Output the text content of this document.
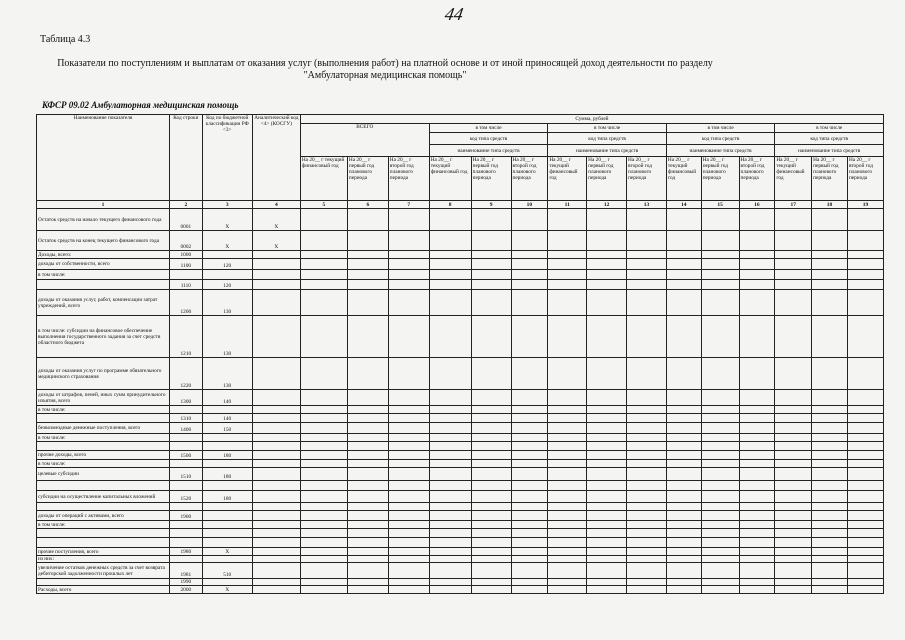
44
Таблица 4.3
Показатели по поступлениям и выплатам от оказания услуг (выполнения работ) на платной основе и от иной приносящей доход деятельности по разделу "Амбулаторная медицинская помощь"
КФСР 09.02 Амбулаторная медицинская помощь
Наименование показателя	Код строки	Код по бюджетной классификации РФ <3>	Аналитический код <4> (КОСГУ)	Сумма, рублей														
				ВСЕГО			в том числе			в том числе			в том числе			в том числе		
							код типа средств			код типа средств			код типа средств			код типа средств		
							наименование типа средств			наименование типа средств			наименование типа средств			наименование типа средств		
				На 20__ г текущий финансовый год	На 20__ г первый год планового периода	На 20__ г второй год планового периода	На 20__ г текущий финансовый год	На 20__ г первый год планового периода	На 20__ г второй год планового периода	На 20__ г текущий финансовый год	На 20__ г первый год планового периода	На 20__ г второй год планового периода	На 20__ г текущий финансовый год	На 20__ г первый год планового периода	На 20__ г второй год планового периода	На 20__ г текущий финансовый год	На 20__ г первый год планового периода	На 20__ г второй год планового периода
1	2	3	4	5	6	7	8	9	10	11	12	13	14	15	16	17	18	19
Остаток средств на начало текущего финансового года	0001	X	X															
Остаток средств на конец текущего финансового года	0002	X	X															
Доходы, всего:	1000																	
доходы от собственности, всего	1100	120																
в том числе:																		
	1110	120																
доходы от оказания услуг, работ, компенсации затрат учреждений, всего	1200	130																
в том числе: субсидии на финансовое обеспечение выполнения государственного задания за счет средств областного бюджета	1210	130																
доходы от оказания услуг по программе обязательного медицинского страхования	1220	130																
доходы от штрафов, пеней, иных сумм принудительного изъятия, всего	1300	140																
в том числе:																		
	1310	140																
безвозмездные денежные поступления, всего	1400	150																
в том числе:																		

прочие доходы, всего	1500	180																
в том числе:																		
целевые субсидии	1510	180																

субсидии на осуществление капитальных вложений	1520	180																

доходы от операций с активами, всего	1900																	
в том числе:																		

прочие поступления, всего	1980	X																
из них:																		
увеличение остатков денежных средств за счет возврата дебиторской задолженности прошлых лет	1981	510																
	1990																	
Расходы, всего	2000	X																
